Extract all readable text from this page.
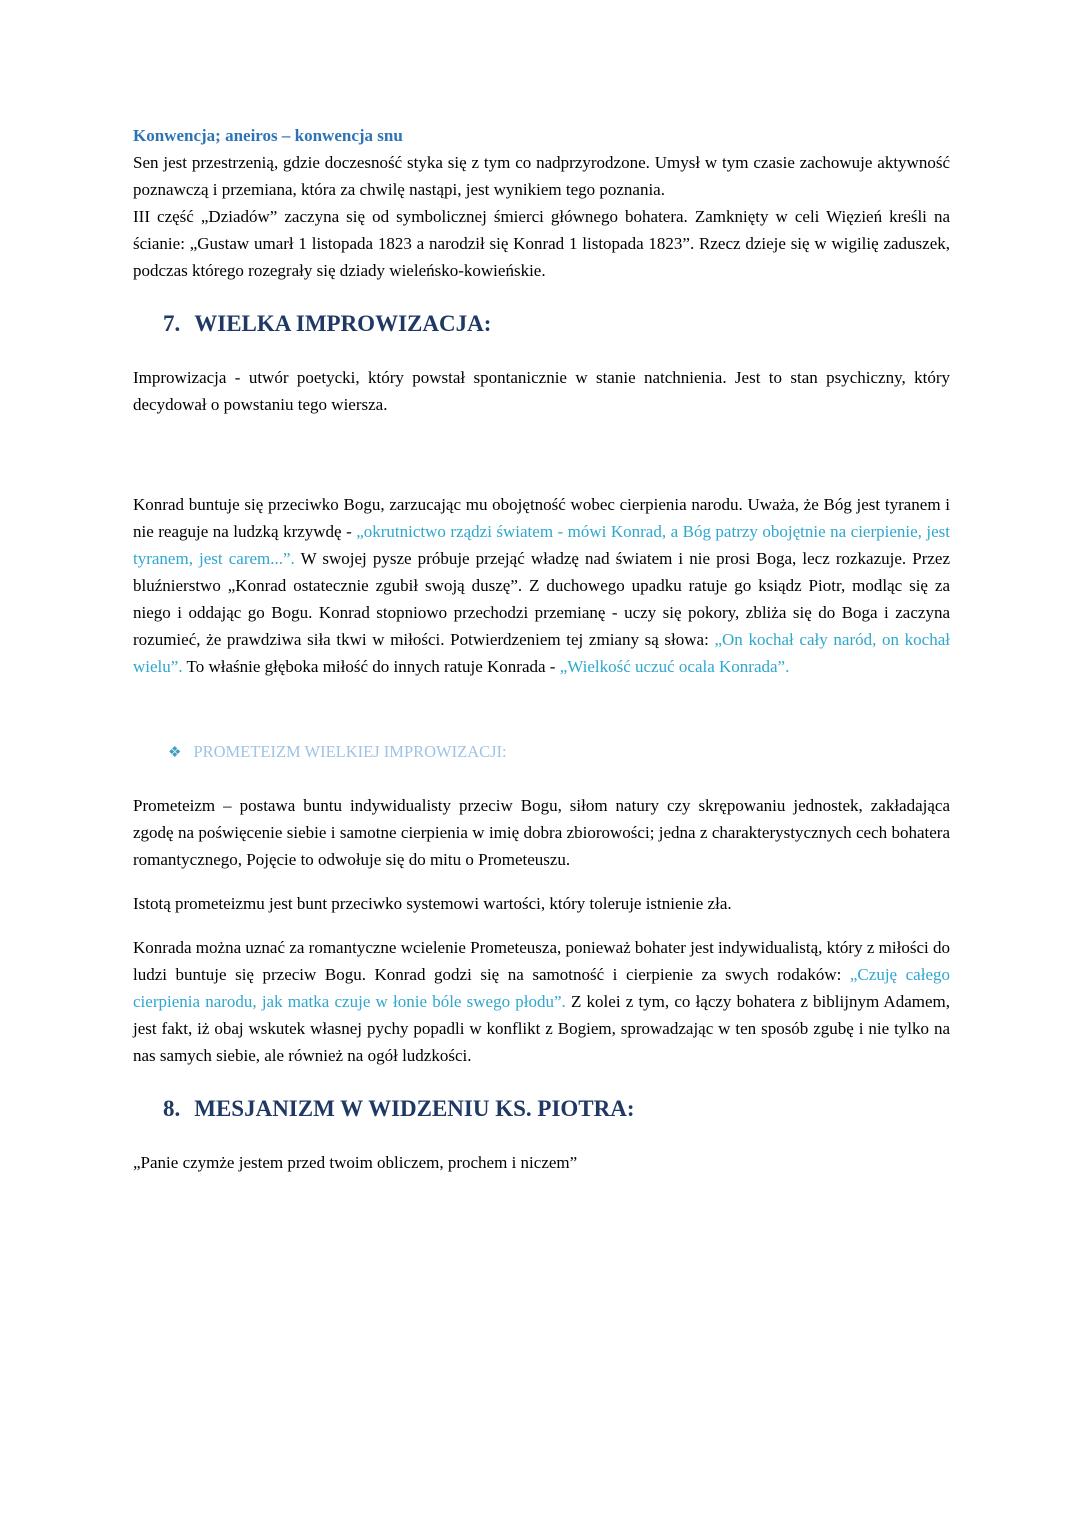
Konwencja; aneiros – konwencja snu

Sen jest przestrzenią, gdzie doczesność styka się z tym co nadprzyrodzone. Umysł w tym czasie zachowuje aktywność poznawczą i przemiana, która za chwilę nastąpi, jest wynikiem tego poznania.

III część „Dziadów” zaczyna się od symbolicznej śmierci głównego bohatera. Zamknięty w celi Więzień kreśli na ścianie: „Gustaw umarł 1 listopada 1823 a narodził się Konrad 1 listopada 1823”. Rzecz dzieje się w wigilię zaduszek, podczas którego rozegrały się dziady wieleńsko-kowieńskie.

7. WIELKA IMPROWIZACJA:

Improwizacja - utwór poetycki, który powstał spontanicznie w stanie natchnienia. Jest to stan psychiczny, który decydował o powstaniu tego wiersza.

Konrad buntuje się przeciwko Bogu, zarzucając mu obojętność wobec cierpienia narodu. Uważa, że Bóg jest tyranem i nie reaguje na ludzką krzywdę - „okrutnictwo rządzi światem - mówi Konrad, a Bóg patrzy obojętnie na cierpienie, jest tyranem, jest carem...”. W swojej pysze próbuje przejąć władzę nad światem i nie prosi Boga, lecz rozkazuje. Przez bluźnierstwo „Konrad ostatecznie zgubił swoją duszę”. Z duchowego upadku ratuje go ksiądz Piotr, modląc się za niego i oddając go Bogu. Konrad stopniowo przechodzi przemianę - uczy się pokory, zbliża się do Boga i zaczyna rozumieć, że prawdziwa siła tkwi w miłości. Potwierdzeniem tej zmiany są słowa: „On kochał cały naród, on kochał wielu”. To właśnie głęboka miłość do innych ratuje Konrada - „Wielkość uczuć ocala Konrada”.

❖ PROMETEIZM WIELKIEJ IMPROWIZACJI:

Prometeizm – postawa buntu indywidualisty przeciw Bogu, siłom natury czy skrępowaniu jednostek, zakładająca zgodę na poświęcenie siebie i samotne cierpienia w imię dobra zbiorowości; jedna z charakterystycznych cech bohatera romantycznego, Pojęcie to odwołuje się do mitu o Prometeuszu.

Istotą prometeizmu jest bunt przeciwko systemowi wartości, który toleruje istnienie zła.

Konrada można uznać za romantyczne wcielenie Prometeusza, ponieważ bohater jest indywidualistą, który z miłości do ludzi buntuje się przeciw Bogu. Konrad godzi się na samotność i cierpienie za swych rodaków: „Czuję całego cierpienia narodu, jak matka czuje w łonie bóle swego płodu”. Z kolei z tym, co łączy bohatera z biblijnym Adamem, jest fakt, iż obaj wskutek własnej pychy popadli w konflikt z Bogiem, sprowadzając w ten sposób zgubę i nie tylko na nas samych siebie, ale również na ogół ludzkości.

8. MESJANIZM W WIDZENIU KS. PIOTRA:

„Panie czymże jestem przed twoim obliczem, prochem i niczem”
